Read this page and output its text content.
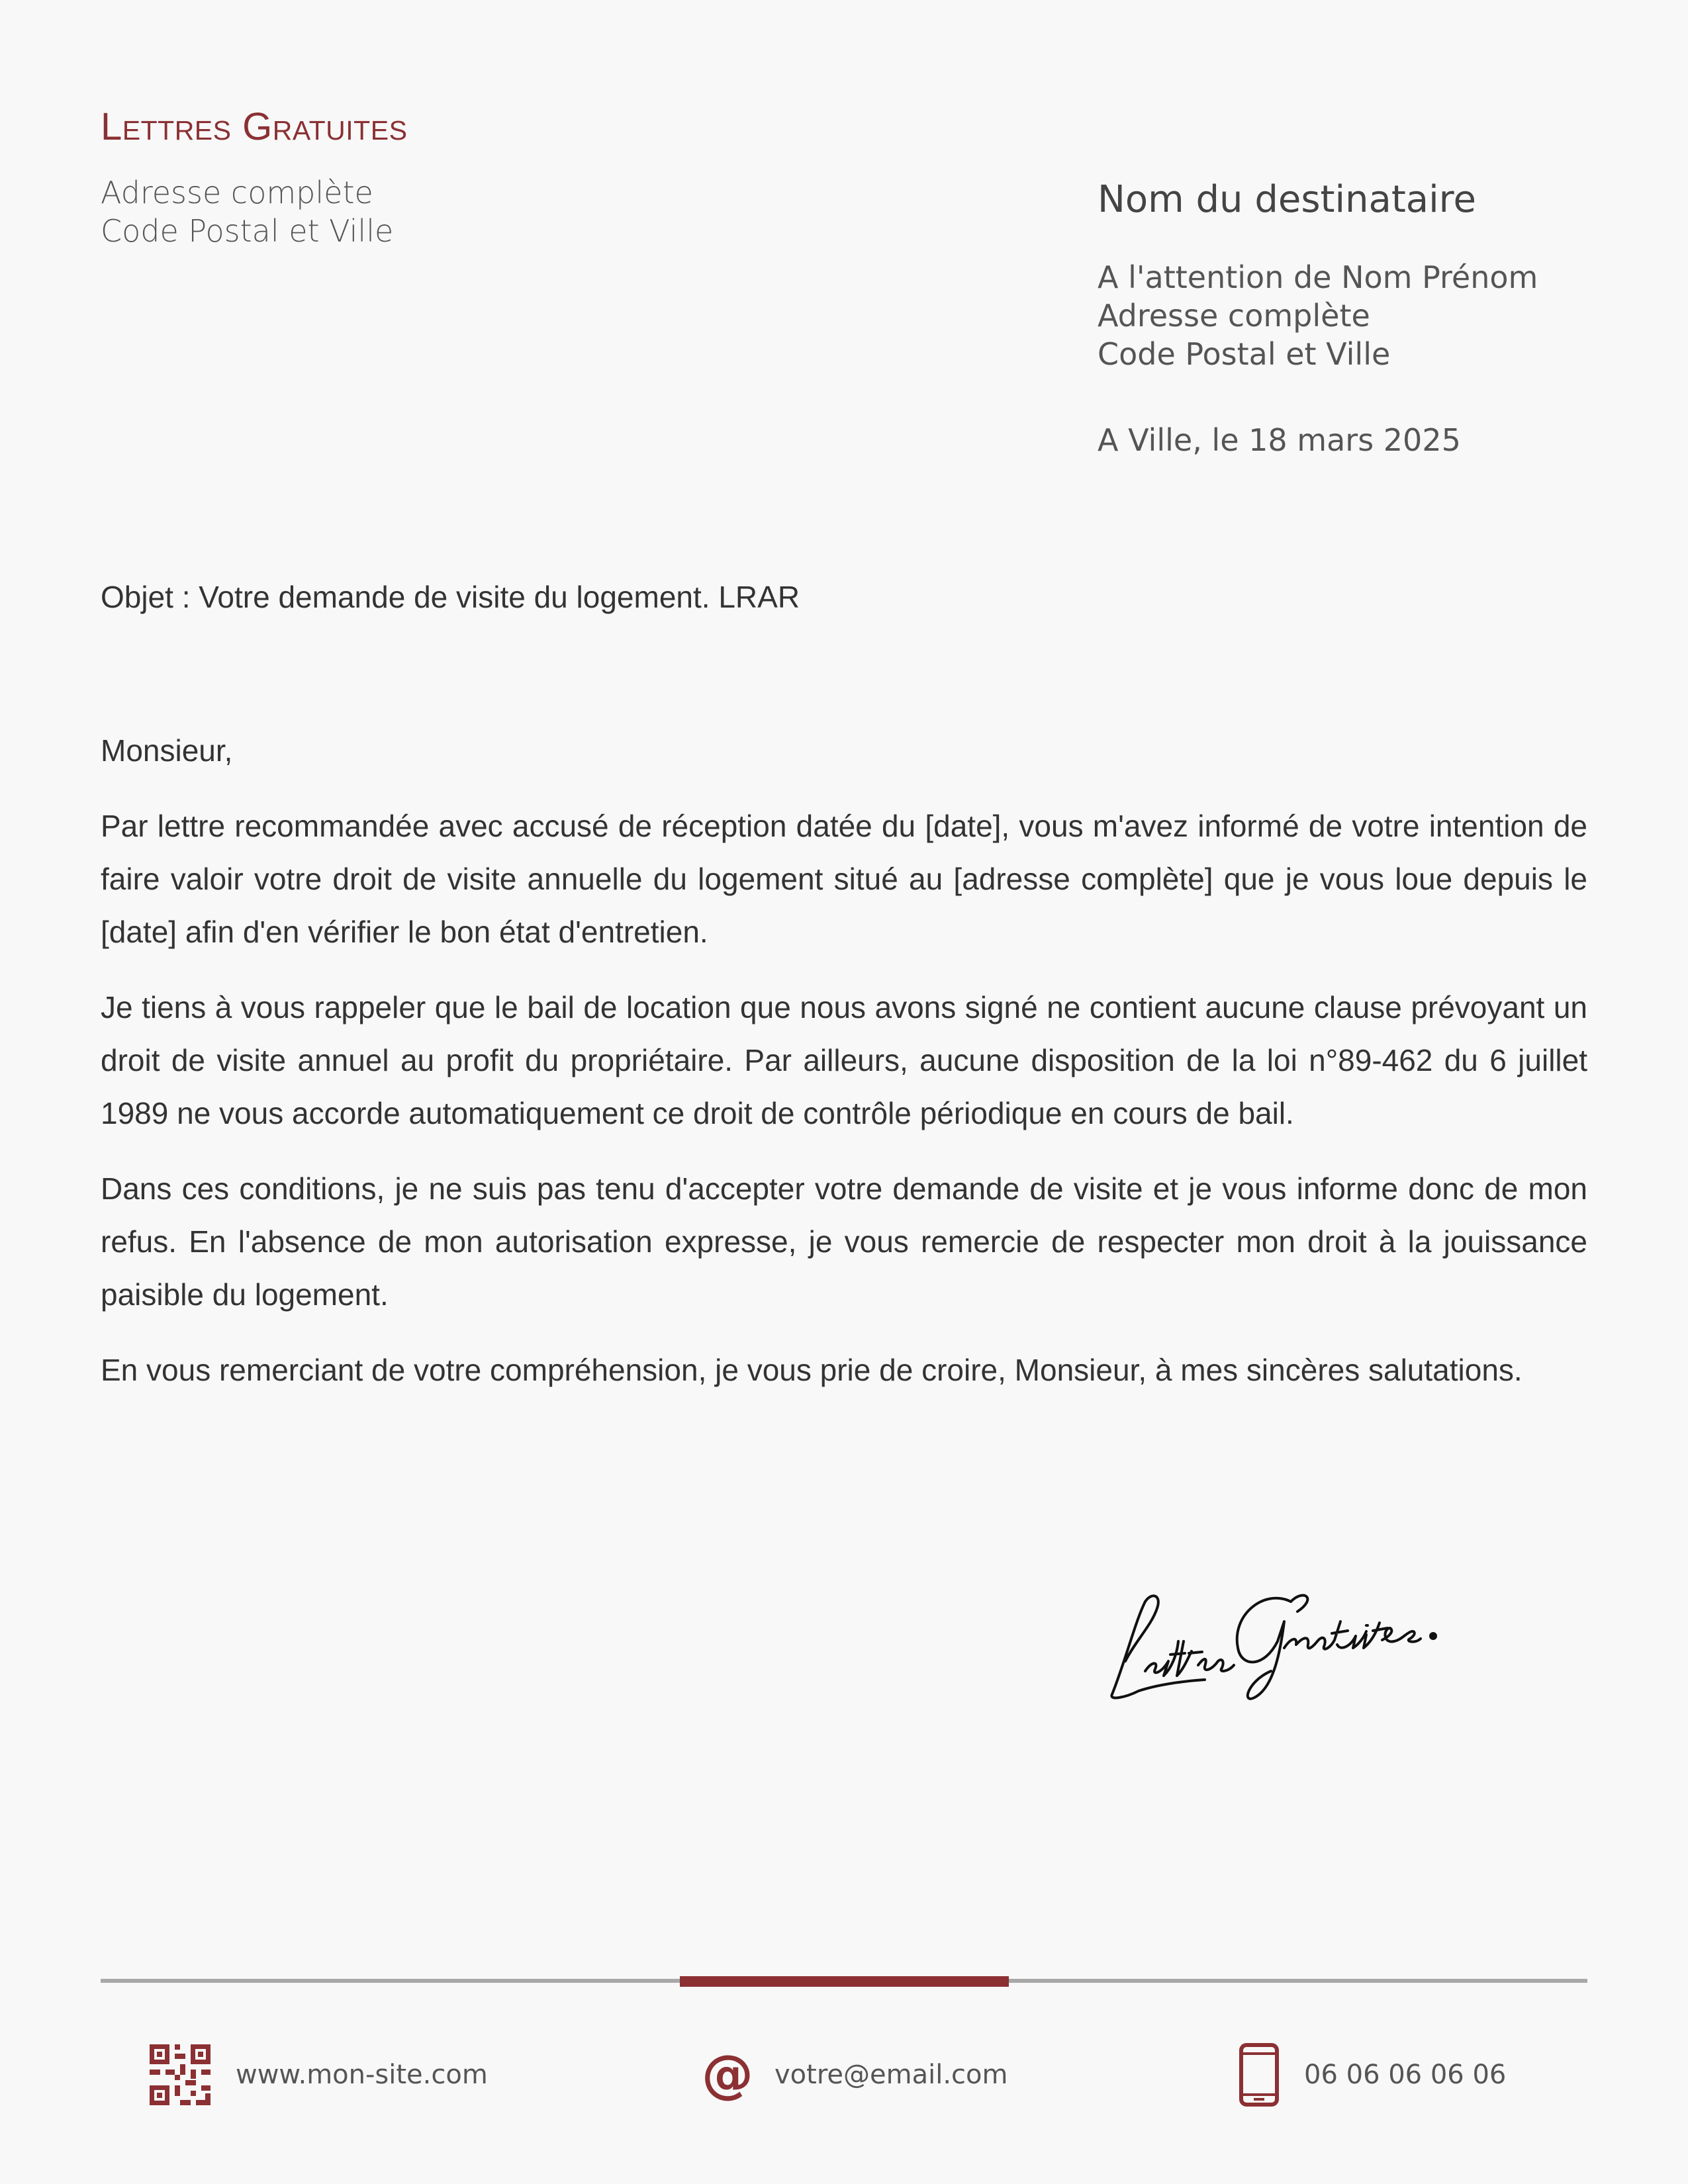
Lettres Gratuites
Adresse complète
Code Postal et Ville
Nom du destinataire
A l'attention de Nom Prénom
Adresse complète
Code Postal et Ville
A Ville, le 18 mars 2025
Objet : Votre demande de visite du logement. LRAR

Monsieur,

Par lettre recommandée avec accusé de réception datée du [date], vous m'avez informé de votre intention de faire valoir votre droit de visite annuelle du logement situé au [adresse complète] que je vous loue depuis le [date] afin d'en vérifier le bon état d'entretien.

Je tiens à vous rappeler que le bail de location que nous avons signé ne contient aucune clause prévoyant un droit de visite annuel au profit du propriétaire. Par ailleurs, aucune disposition de la loi n°89-462 du 6 juillet 1989 ne vous accorde automatiquement ce droit de contrôle périodique en cours de bail.

Dans ces conditions, je ne suis pas tenu d'accepter votre demande de visite et je vous informe donc de mon refus. En l'absence de mon autorisation expresse, je vous remercie de respecter mon droit à la jouissance paisible du logement.

En vous remerciant de votre compréhension, je vous prie de croire, Monsieur, à mes sincères salutations.

www.mon-site.com	@ votre@email.com	06 06 06 06 06
